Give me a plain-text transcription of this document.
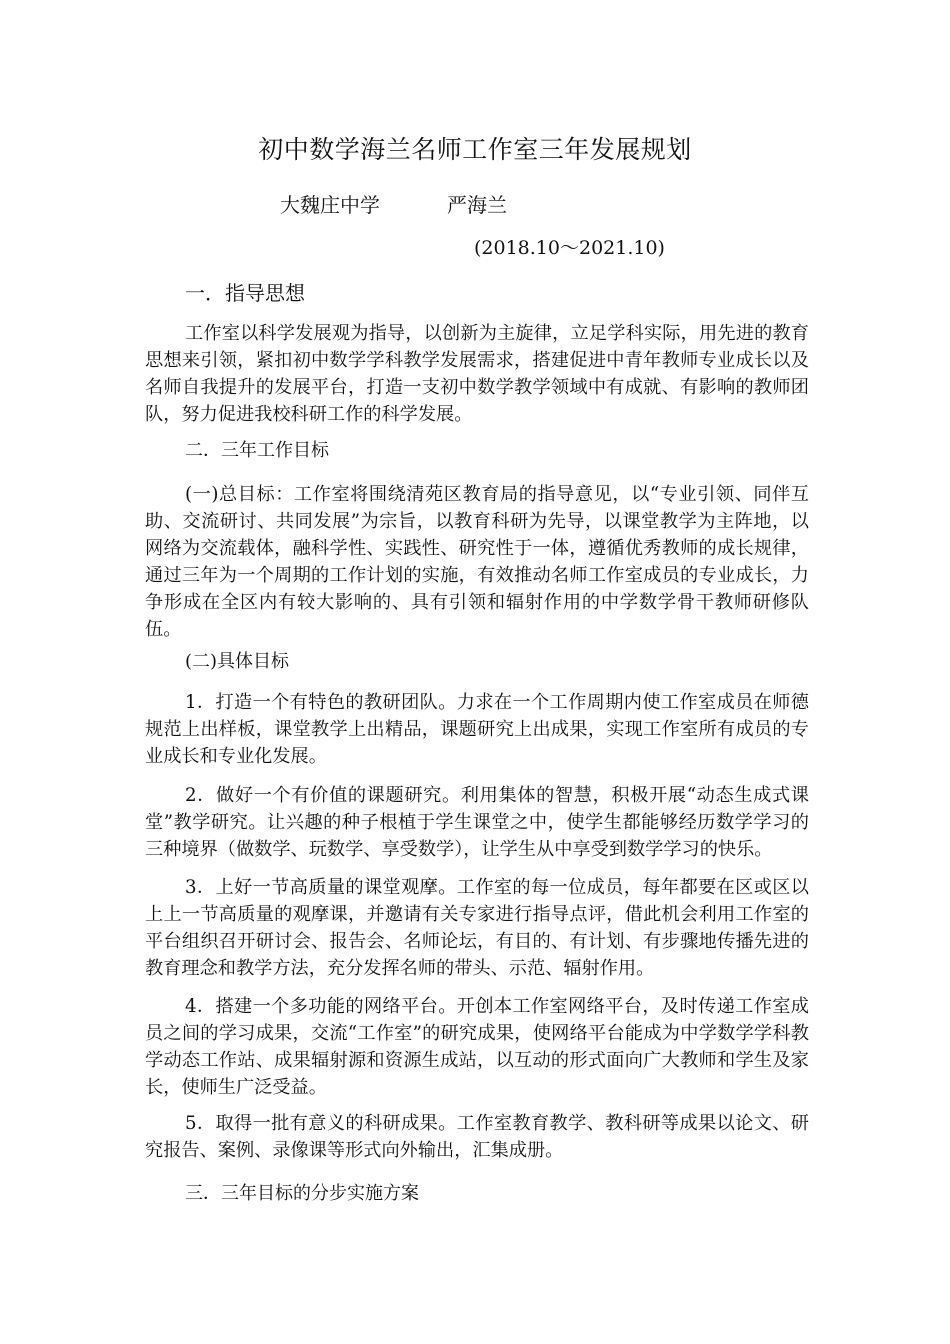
初中数学海兰名师工作室三年发展规划
大魏庄中学	严海兰
(2018.10～2021.10)
一．指导思想

工作室以科学发展观为指导，以创新为主旋律，立足学科实际，用先进的教育思想来引领，紧扣初中数学学科教学发展需求，搭建促进中青年教师专业成长以及名师自我提升的发展平台，打造一支初中数学教学领域中有成就、有影响的教师团队，努力促进我校科研工作的科学发展。

二．三年工作目标

(一)总目标：工作室将围绕清苑区教育局的指导意见，以“专业引领、同伴互助、交流研讨、共同发展”为宗旨，以教育科研为先导，以课堂教学为主阵地，以网络为交流载体，融科学性、实践性、研究性于一体，遵循优秀教师的成长规律，通过三年为一个周期的工作计划的实施，有效推动名师工作室成员的专业成长，力争形成在全区内有较大影响的、具有引领和辐射作用的中学数学骨干教师研修队伍。

(二)具体目标

1．打造一个有特色的教研团队。力求在一个工作周期内使工作室成员在师德规范上出样板，课堂教学上出精品，课题研究上出成果，实现工作室所有成员的专业成长和专业化发展。

2．做好一个有价值的课题研究。利用集体的智慧，积极开展“动态生成式课堂”教学研究。让兴趣的种子根植于学生课堂之中，使学生都能够经历数学学习的三种境界（做数学、玩数学、享受数学），让学生从中享受到数学学习的快乐。

3．上好一节高质量的课堂观摩。工作室的每一位成员，每年都要在区或区以上上一节高质量的观摩课，并邀请有关专家进行指导点评，借此机会利用工作室的平台组织召开研讨会、报告会、名师论坛，有目的、有计划、有步骤地传播先进的教育理念和教学方法，充分发挥名师的带头、示范、辐射作用。

4．搭建一个多功能的网络平台。开创本工作室网络平台，及时传递工作室成员之间的学习成果，交流“工作室”的研究成果，使网络平台能成为中学数学学科教学动态工作站、成果辐射源和资源生成站，以互动的形式面向广大教师和学生及家长，使师生广泛受益。

5．取得一批有意义的科研成果。工作室教育教学、教科研等成果以论文、研究报告、案例、录像课等形式向外输出，汇集成册。

三．三年目标的分步实施方案
